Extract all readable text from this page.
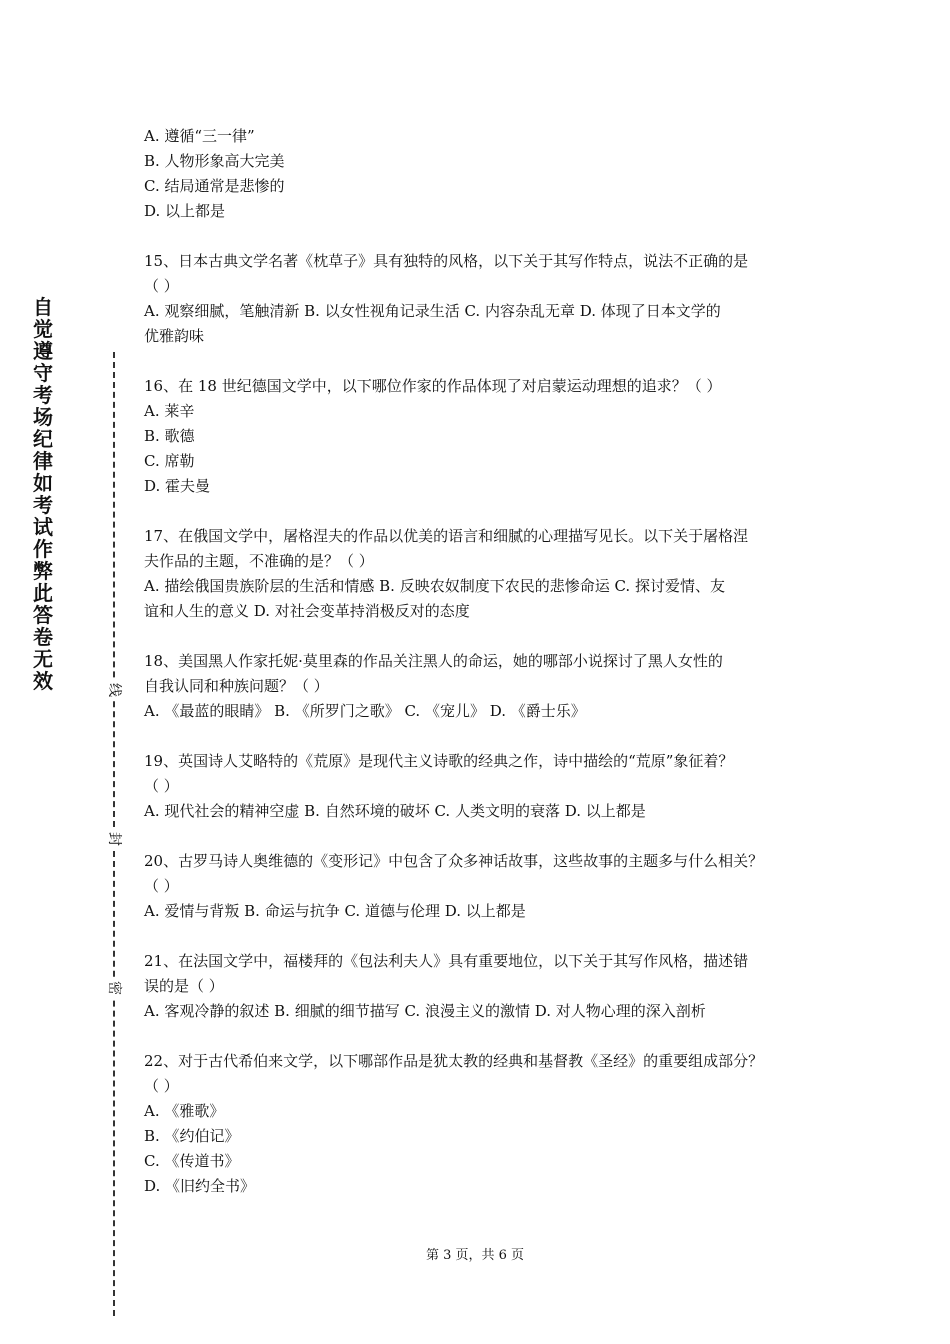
自觉遵守考场纪律如考试作弊此答卷无效	线
封
密
A. 遵循“三一律”
B. 人物形象高大完美
C. 结局通常是悲惨的
D. 以上都是
15、日本古典文学名著《枕草子》具有独特的风格，以下关于其写作特点，说法不正确的是
（ ）
A. 观察细腻，笔触清新 B. 以女性视角记录生活 C. 内容杂乱无章 D. 体现了日本文学的
优雅韵味
16、在 18 世纪德国文学中，以下哪位作家的作品体现了对启蒙运动理想的追求？（ ）
A. 莱辛
B. 歌德
C. 席勒
D. 霍夫曼
17、在俄国文学中，屠格涅夫的作品以优美的语言和细腻的心理描写见长。以下关于屠格涅
夫作品的主题，不准确的是？（ ）
A. 描绘俄国贵族阶层的生活和情感 B. 反映农奴制度下农民的悲惨命运 C. 探讨爱情、友
谊和人生的意义 D. 对社会变革持消极反对的态度
18、美国黑人作家托妮·莫里森的作品关注黑人的命运，她的哪部小说探讨了黑人女性的
自我认同和种族问题？（ ）
A. 《最蓝的眼睛》 B. 《所罗门之歌》 C. 《宠儿》 D. 《爵士乐》
19、英国诗人艾略特的《荒原》是现代主义诗歌的经典之作，诗中描绘的“荒原”象征着？
（ ）
A. 现代社会的精神空虚 B. 自然环境的破坏 C. 人类文明的衰落 D. 以上都是
20、古罗马诗人奥维德的《变形记》中包含了众多神话故事，这些故事的主题多与什么相关？
（ ）
A. 爱情与背叛 B. 命运与抗争 C. 道德与伦理 D. 以上都是
21、在法国文学中，福楼拜的《包法利夫人》具有重要地位，以下关于其写作风格，描述错
误的是（ ）
A. 客观冷静的叙述 B. 细腻的细节描写 C. 浪漫主义的激情 D. 对人物心理的深入剖析
22、对于古代希伯来文学，以下哪部作品是犹太教的经典和基督教《圣经》的重要组成部分？
（ ）
A. 《雅歌》
B. 《约伯记》
C. 《传道书》
D. 《旧约全书》
第 3 页，共 6 页
